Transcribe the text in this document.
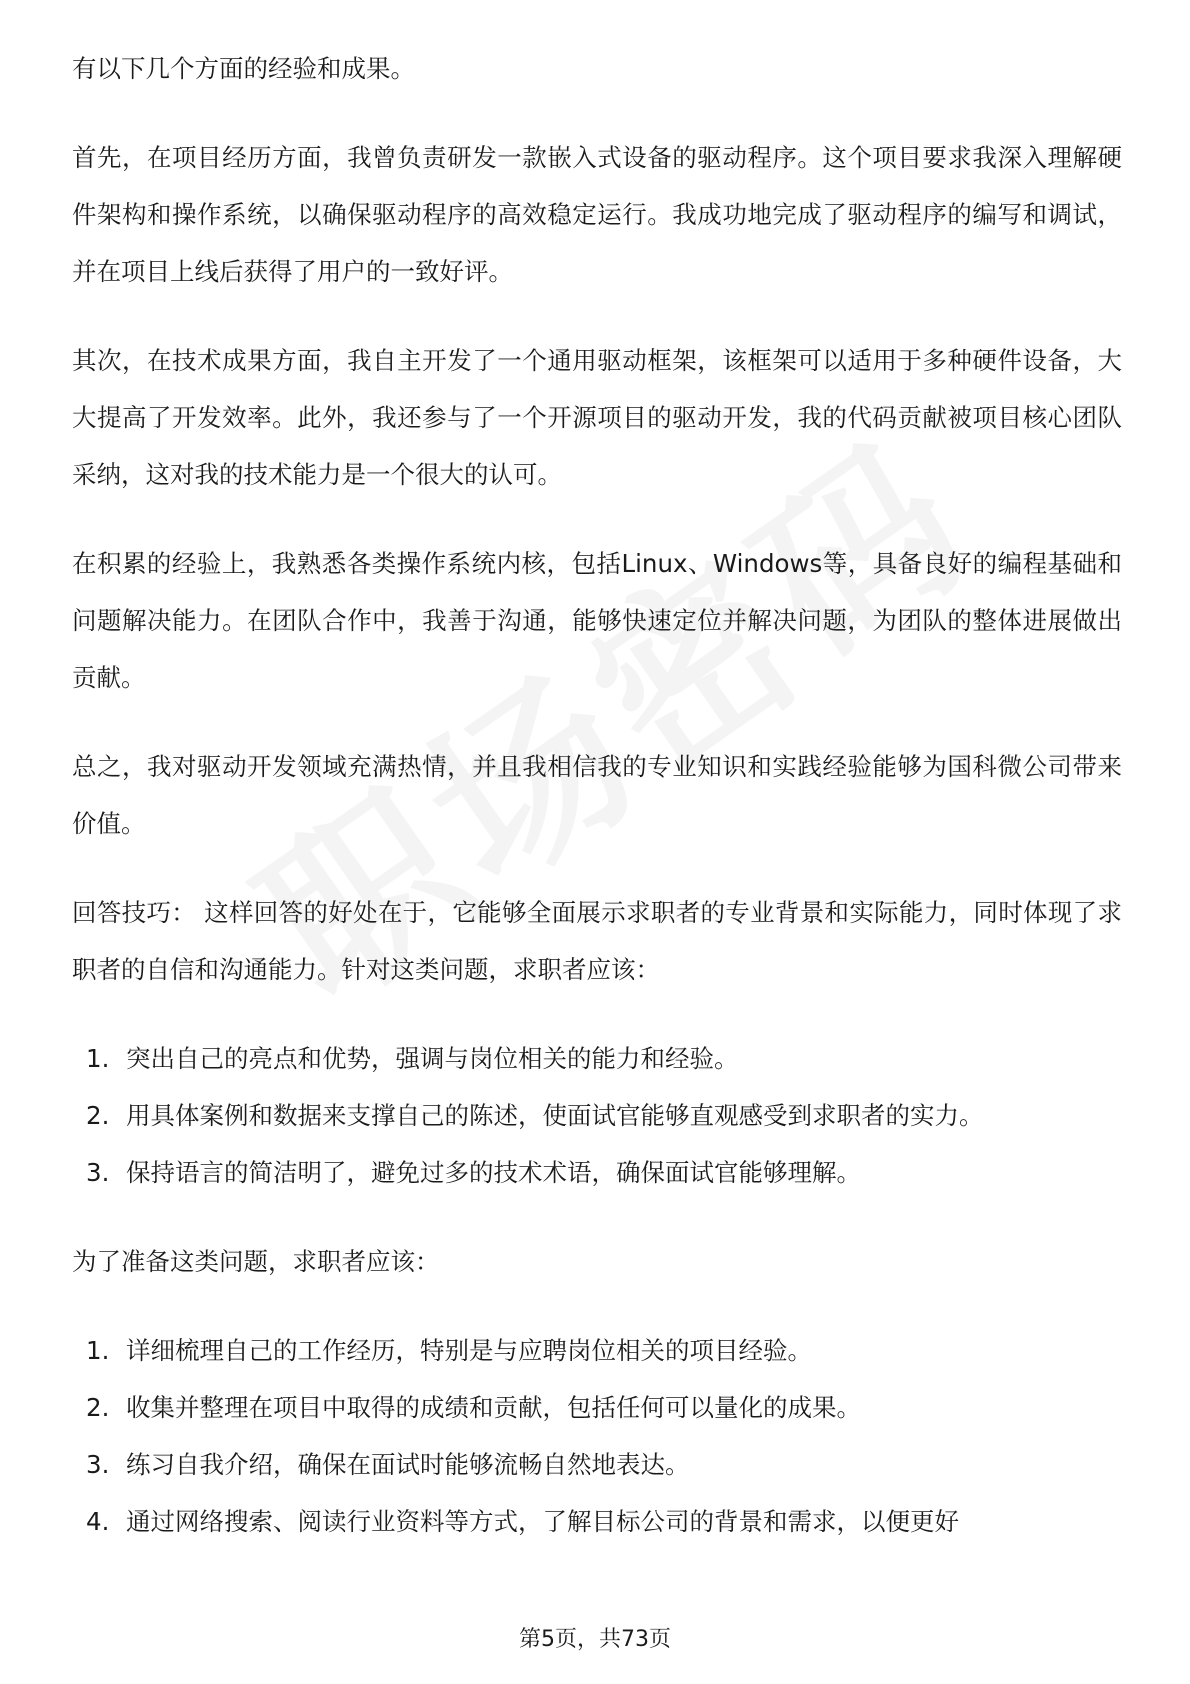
有以下几个方面的经验和成果。

首先，在项目经历方面，我曾负责研发一款嵌入式设备的驱动程序。这个项目要求我深入理解硬件架构和操作系统，以确保驱动程序的高效稳定运行。我成功地完成了驱动程序的编写和调试，并在项目上线后获得了用户的一致好评。

其次，在技术成果方面，我自主开发了一个通用驱动框架，该框架可以适用于多种硬件设备，大大提高了开发效率。此外，我还参与了一个开源项目的驱动开发，我的代码贡献被项目核心团队采纳，这对我的技术能力是一个很大的认可。

在积累的经验上，我熟悉各类操作系统内核，包括Linux、Windows等，具备良好的编程基础和问题解决能力。在团队合作中，我善于沟通，能够快速定位并解决问题，为团队的整体进展做出贡献。

总之，我对驱动开发领域充满热情，并且我相信我的专业知识和实践经验能够为国科微公司带来价值。

回答技巧： 这样回答的好处在于，它能够全面展示求职者的专业背景和实际能力，同时体现了求职者的自信和沟通能力。针对这类问题，求职者应该：

1. 突出自己的亮点和优势，强调与岗位相关的能力和经验。
2. 用具体案例和数据来支撑自己的陈述，使面试官能够直观感受到求职者的实力。
3. 保持语言的简洁明了，避免过多的技术术语，确保面试官能够理解。

为了准备这类问题，求职者应该：

1. 详细梳理自己的工作经历，特别是与应聘岗位相关的项目经验。
2. 收集并整理在项目中取得的成绩和贡献，包括任何可以量化的成果。
3. 练习自我介绍，确保在面试时能够流畅自然地表达。
4. 通过网络搜索、阅读行业资料等方式，了解目标公司的背景和需求，以便更好
第5页，共73页
